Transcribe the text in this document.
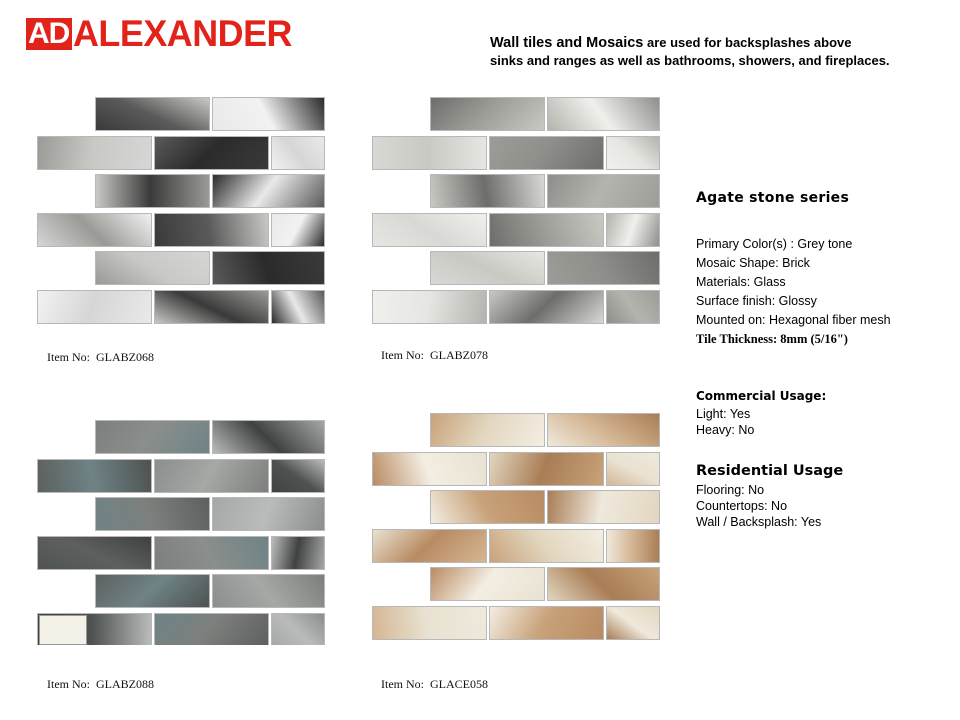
AD ALEXANDER	Wall tiles and Mosaics are used for backsplashes above
sinks and ranges as well as bathrooms, showers, and fireplaces.
Item No: GLABZ068	Item No: GLABZ078
Item No: GLABZ088	Item No: GLACE058
Agate stone series
Primary Color(s) : Grey tone
Mosaic Shape: Brick
Materials: Glass
Surface finish: Glossy
Mounted on: Hexagonal fiber mesh
Tile Thickness: 8mm (5/16")
Commercial Usage:
Light: Yes
Heavy: No
Residential Usage
Flooring: No
Countertops: No
Wall / Backsplash: Yes
